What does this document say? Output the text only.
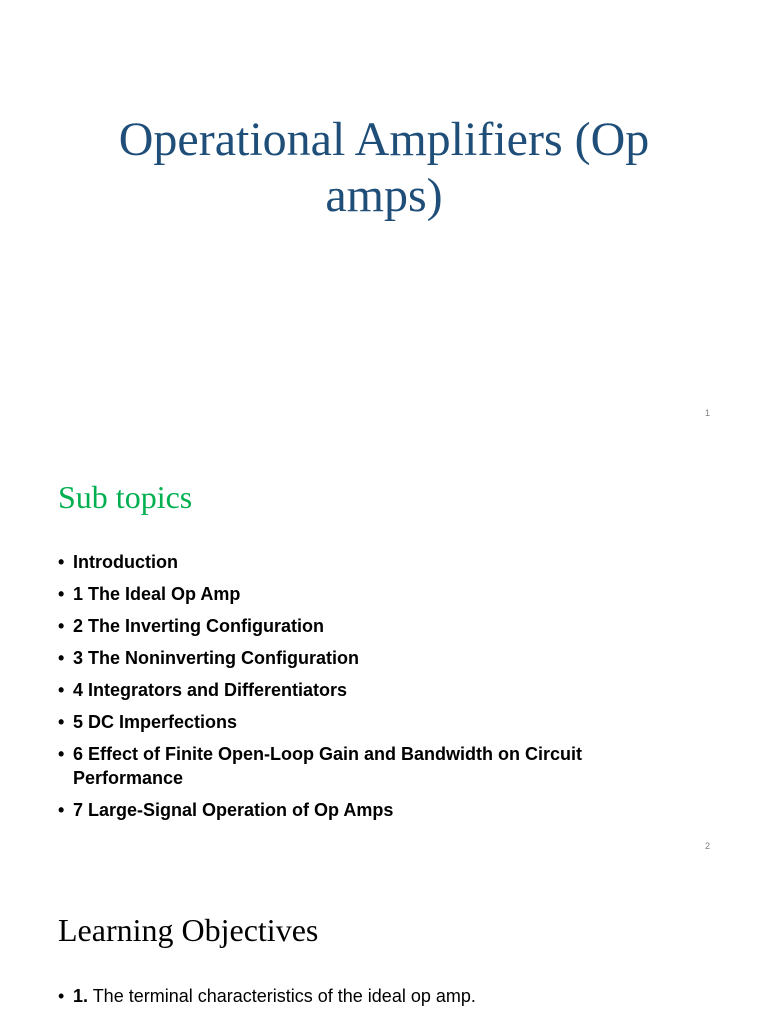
Operational Amplifiers (Op amps)
1
Sub topics
• Introduction
• 1 The Ideal Op Amp
• 2 The Inverting Configuration
• 3 The Noninverting Configuration
• 4 Integrators and Differentiators
• 5 DC Imperfections
• 6 Effect of Finite Open-Loop Gain and Bandwidth on Circuit Performance
• 7 Large-Signal Operation of Op Amps
2
Learning Objectives
• 1. The terminal characteristics of the ideal op amp.
